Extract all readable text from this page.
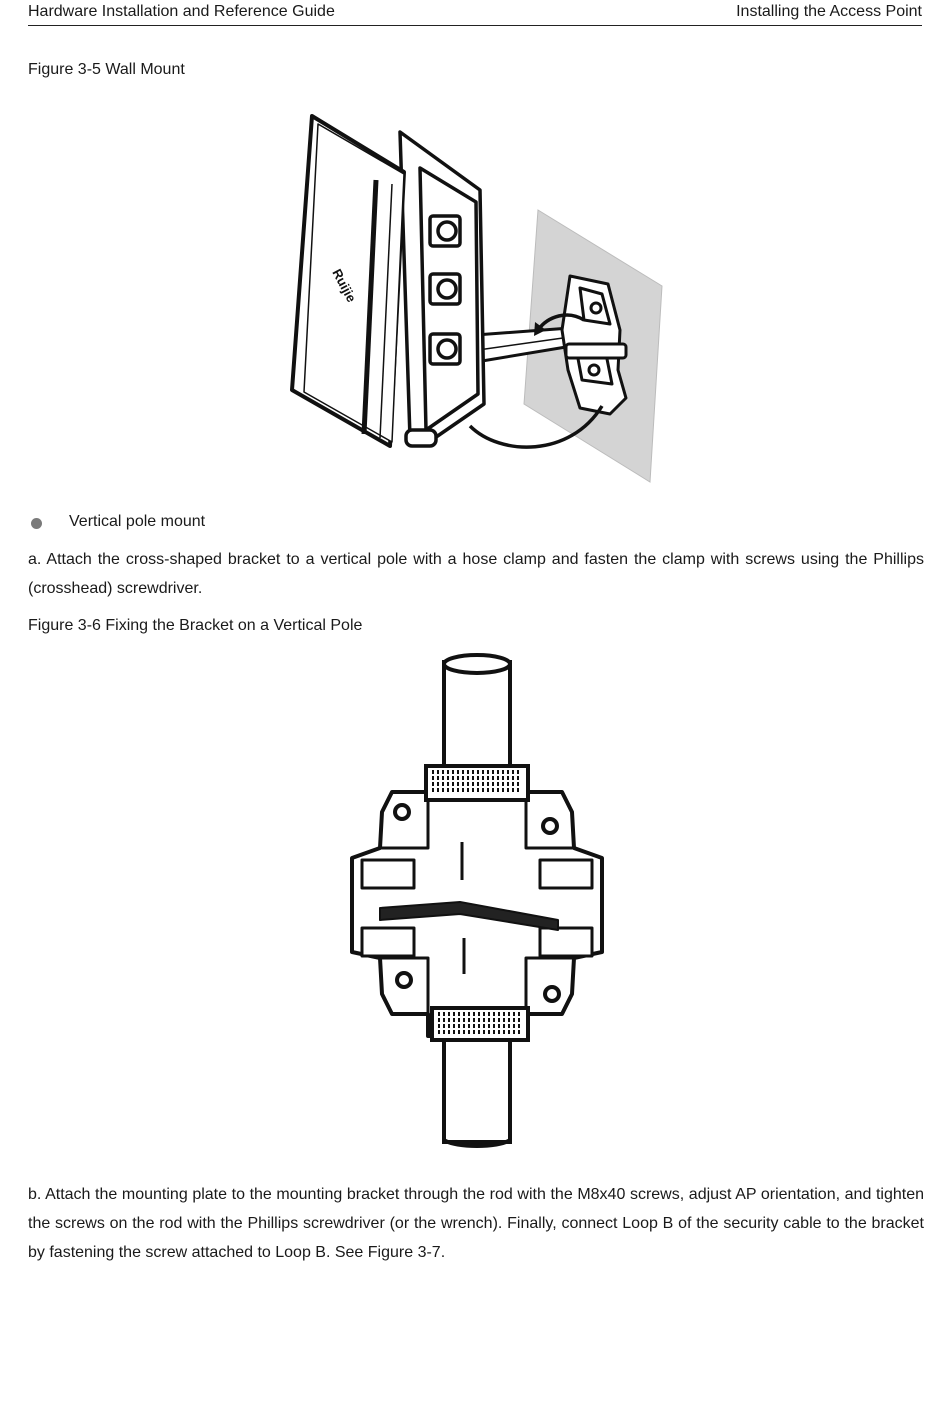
Hardware Installation and Reference Guide	Installing the Access Point
Figure 3-5 Wall Mount
Ruijie
Vertical pole mount
a. Attach the cross-shaped bracket to a vertical pole with a hose clamp and fasten the clamp with screws using the Phillips (crosshead) screwdriver.
Figure 3-6 Fixing the Bracket on a Vertical Pole
b. Attach the mounting plate to the mounting bracket through the rod with the M8x40 screws, adjust AP orientation, and tighten the screws on the rod with the Phillips screwdriver (or the wrench). Finally, connect Loop B of the security cable to the bracket by fastening the screw attached to Loop B. See Figure 3-7.
